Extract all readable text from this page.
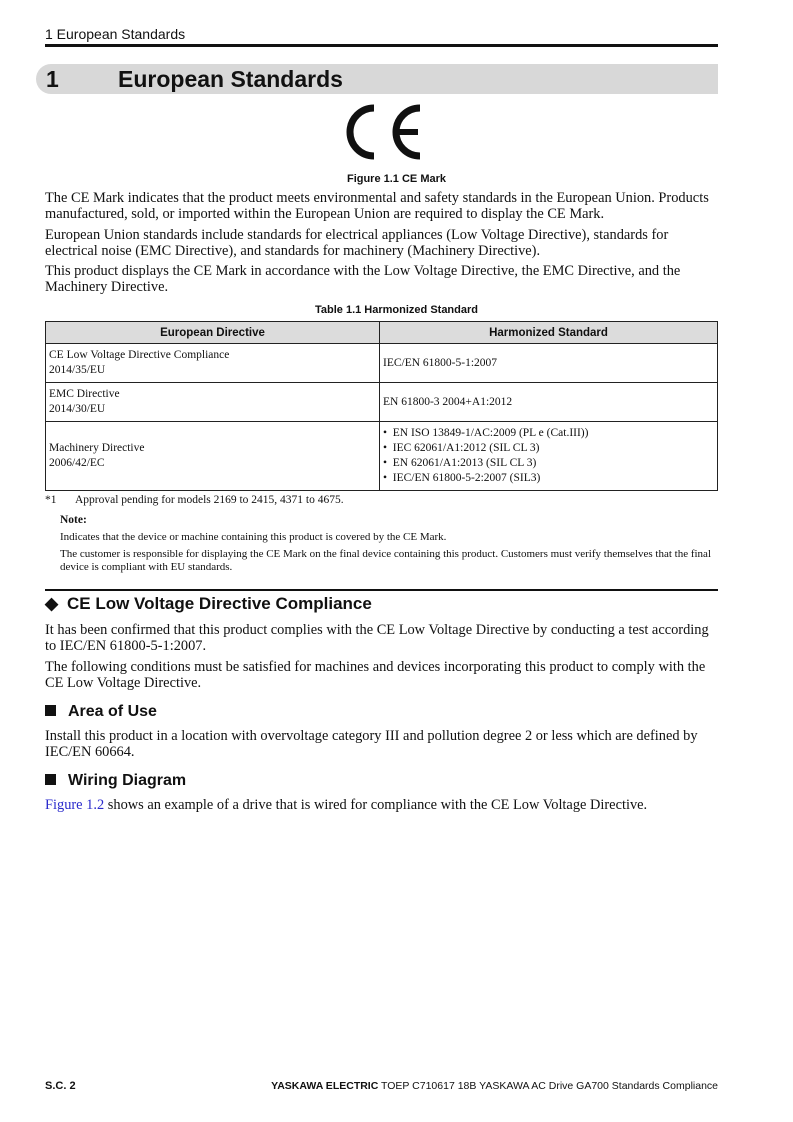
1 European Standards
1	European Standards
Figure 1.1 CE Mark
The CE Mark indicates that the product meets environmental and safety standards in the European Union. Products manufactured, sold, or imported within the European Union are required to display the CE Mark.
European Union standards include standards for electrical appliances (Low Voltage Directive), standards for electrical noise (EMC Directive), and standards for machinery (Machinery Directive).
This product displays the CE Mark in accordance with the Low Voltage Directive, the EMC Directive, and the Machinery Directive.
Table 1.1 Harmonized Standard
European Directive	Harmonized Standard

CE Low Voltage Directive Compliance
2014/35/EU	IEC/EN 61800-5-1:2007

EMC Directive
2014/30/EU	EN 61800-3 2004+A1:2012

Machinery Directive
2006/42/EC	•  EN ISO 13849-1/AC:2009 (PL e (Cat.III))
•  IEC 62061/A1:2012 (SIL CL 3)
•  EN 62061/A1:2013 (SIL CL 3)
•  IEC/EN 61800-5-2:2007 (SIL3)
*1 Approval pending for models 2169 to 2415, 4371 to 4675.
Note:
Indicates that the device or machine containing this product is covered by the CE Mark.
The customer is responsible for displaying the CE Mark on the final device containing this product. Customers must verify themselves that the final device is compliant with EU standards.
◆ CE Low Voltage Directive Compliance
It has been confirmed that this product complies with the CE Low Voltage Directive by conducting a test according to IEC/EN 61800-5-1:2007.
The following conditions must be satisfied for machines and devices incorporating this product to comply with the CE Low Voltage Directive.
Area of Use
Install this product in a location with overvoltage category III and pollution degree 2 or less which are defined by IEC/EN 60664.
Wiring Diagram
Figure 1.2 shows an example of a drive that is wired for compliance with the CE Low Voltage Directive.
S.C. 2	YASKAWA ELECTRIC TOEP C710617 18B YASKAWA AC Drive GA700 Standards Compliance
